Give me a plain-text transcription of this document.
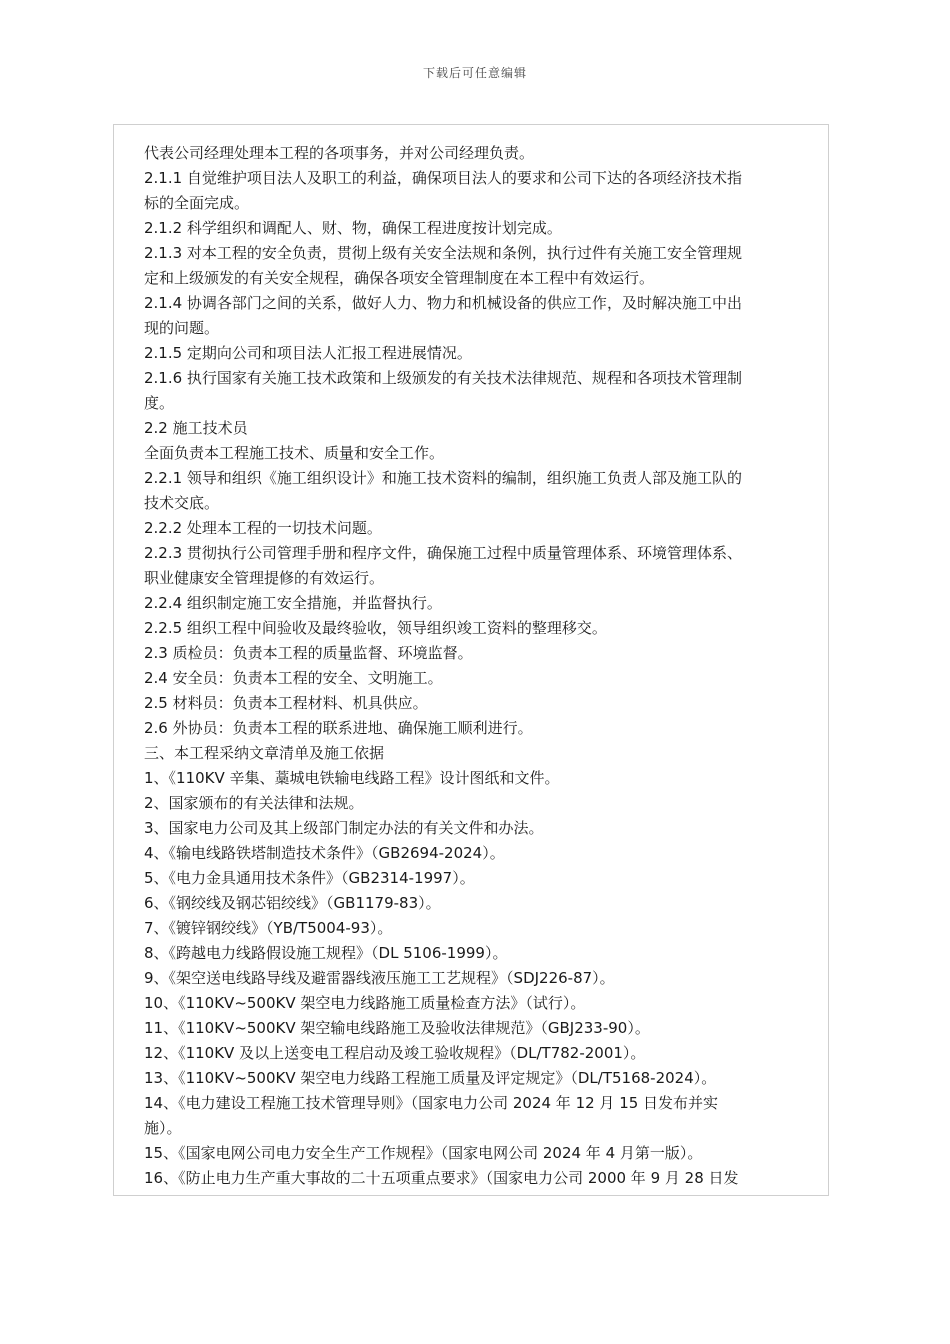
下载后可任意编辑
代表公司经理处理本工程的各项事务，并对公司经理负责。
2.1.1 自觉维护项目法人及职工的利益，确保项目法人的要求和公司下达的各项经济技术指
标的全面完成。
2.1.2 科学组织和调配人、财、物，确保工程进度按计划完成。
2.1.3 对本工程的安全负责，贯彻上级有关安全法规和条例，执行过件有关施工安全管理规
定和上级颁发的有关安全规程，确保各项安全管理制度在本工程中有效运行。
2.1.4 协调各部门之间的关系，做好人力、物力和机械设备的供应工作，及时解决施工中出
现的问题。
2.1.5 定期向公司和项目法人汇报工程进展情况。
2.1.6 执行国家有关施工技术政策和上级颁发的有关技术法律规范、规程和各项技术管理制
度。
2.2 施工技术员
全面负责本工程施工技术、质量和安全工作。
2.2.1 领导和组织《施工组织设计》和施工技术资料的编制，组织施工负责人部及施工队的
技术交底。
2.2.2 处理本工程的一切技术问题。
2.2.3 贯彻执行公司管理手册和程序文件，确保施工过程中质量管理体系、环境管理体系、
职业健康安全管理提修的有效运行。
2.2.4 组织制定施工安全措施，并监督执行。
2.2.5 组织工程中间验收及最终验收，领导组织竣工资料的整理移交。
2.3 质检员：负责本工程的质量监督、环境监督。
2.4 安全员：负责本工程的安全、文明施工。
2.5 材料员：负责本工程材料、机具供应。
2.6 外协员：负责本工程的联系进地、确保施工顺利进行。
三、本工程采纳文章清单及施工依据
1、《110KV 辛集、藁城电铁输电线路工程》设计图纸和文件。
2、国家颁布的有关法律和法规。
3、国家电力公司及其上级部门制定办法的有关文件和办法。
4、《输电线路铁塔制造技术条件》（GB2694-2024）。
5、《电力金具通用技术条件》（GB2314-1997）。
6、《钢绞线及钢芯铝绞线》（GB1179-83）。
7、《镀锌钢绞线》（YB/T5004-93）。
8、《跨越电力线路假设施工规程》（DL 5106-1999）。
9、《架空送电线路导线及避雷器线液压施工工艺规程》（SDJ226-87）。
10、《110KV~500KV 架空电力线路施工质量检查方法》（试行）。
11、《110KV~500KV 架空输电线路施工及验收法律规范》（GBJ233-90）。
12、《110KV 及以上送变电工程启动及竣工验收规程》（DL/T782-2001）。
13、《110KV~500KV 架空电力线路工程施工质量及评定规定》（DL/T5168-2024）。
14、《电力建设工程施工技术管理导则》（国家电力公司 2024 年 12 月 15 日发布并实
施）。
15、《国家电网公司电力安全生产工作规程》（国家电网公司 2024 年 4 月第一版）。
16、《防止电力生产重大事故的二十五项重点要求》（国家电力公司 2000 年 9 月 28 日发
